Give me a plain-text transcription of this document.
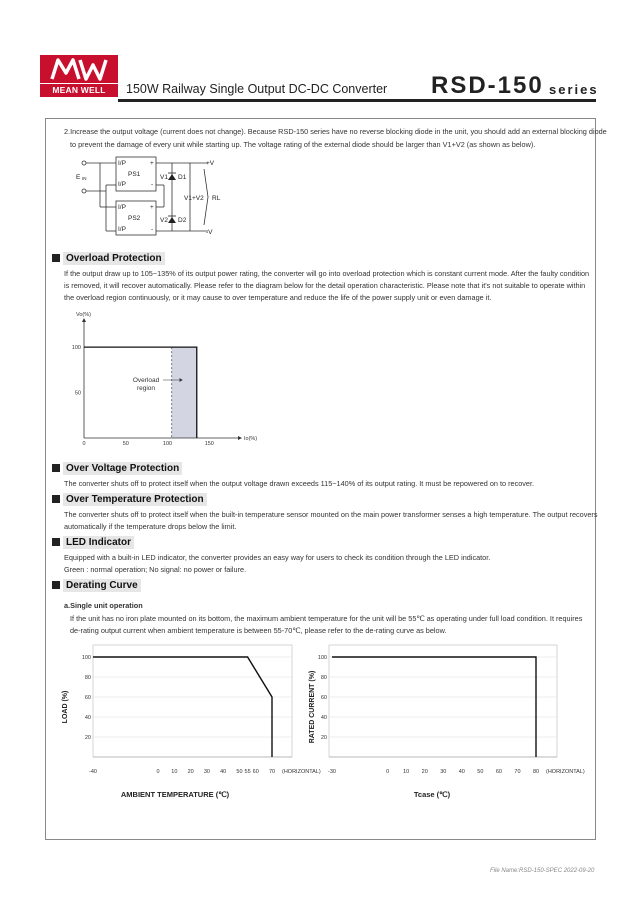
MEAN WELL	150W Railway Single Output DC-DC Converter RSD-150 series
2.Increase the output voltage (current does not change). Because RSD-150 series have no reverse blocking diode in the unit, you should add an external blocking diode
to prevent the damage of every unit while starting up. The voltage rating of the external diode should be larger than V1+V2 (as shown as below).
E IN
I/P
I/P
PS1
+
-
I/P
I/P
PS2
+
-
V1 D1
V2 D2
+V
-V
V1+V2 RL
Overload Protection
If the output draw up to 105~135% of its output power rating, the converter will go into overload protection which is constant current mode. After the faulty condition
is removed, it will recover automatically. Please refer to the diagram below for the detail operation characteristic. Please note that it's not suitable to operate within
the overload region continuously, or it may cause to over temperature and reduce the life of the power supply unit or even damage it.
0	50	100	150
50
100
Vo(%)
Io(%)
Overload
region
Over Voltage Protection
The converter shuts off to protect itself when the output voltage drawn exceeds 115~140% of its output rating. It must be repowered on to recover.
Over Temperature Protection
The converter shuts off to protect itself when the built-in temperature sensor mounted on the main power transformer senses a high temperature. The output recovers
automatically if the temperature drops below the limit.
LED Indicator
Equipped with a built-in LED indicator, the converter provides an easy way for users to check its condition through the LED indicator.
Green : normal operation; No signal: no power or failure.
Derating Curve
a.Single unit operation
If the unit has no iron plate mounted on its bottom, the maximum ambient temperature for the unit will be 55℃ as operating under full load condition. It requires
de-rating output current when ambient temperature is between 55-70℃, please refer to the de-rating curve as below.
-40	0 10 20 30 40 50 55 60 70 (HORIZONTAL)
20
40
60
80
100
LOAD (%)
AMBIENT TEMPERATURE (℃)
-30	0	10 20 30 40 50 60 70 80 (HORIZONTAL)
20
40
60
80
100
RATED CURRENT (%)
Tcase (℃)
File Name:RSD-150-SPEC 2022-09-20
